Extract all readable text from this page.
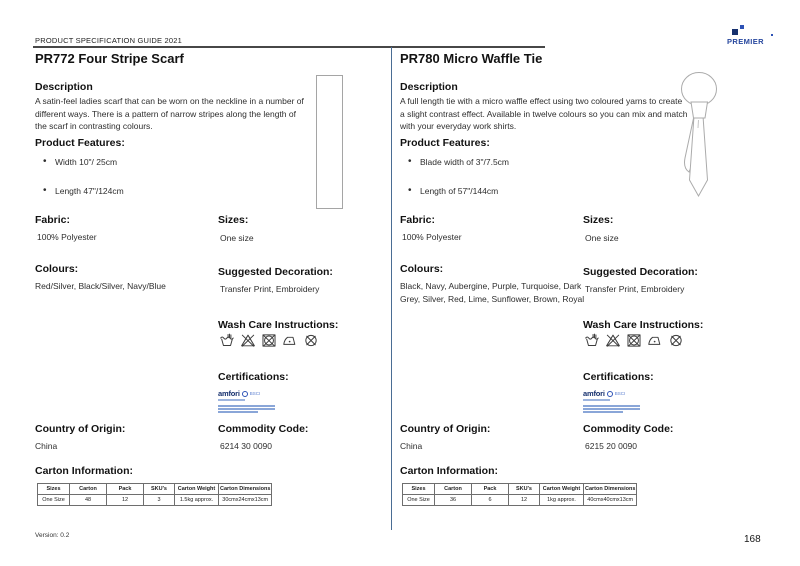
PRODUCT SPECIFICATION GUIDE 2021	PREMIER
PR772 Four Stripe Scarf
Description
A satin-feel ladies scarf that can be worn on the neckline in a number of different ways. There is a pattern of narrow stripes along the length of the scarf in contrasting colours.
Product Features:
• Width 10"/ 25cm
• Length 47"/124cm
Fabric:
100% Polyester
Sizes:
One size
Colours:
Red/Silver, Black/Silver, Navy/Blue
Suggested Decoration:
Transfer Print, Embroidery
Wash Care Instructions:
Certifications:
amfori BSCI
Country of Origin:
China
Commodity Code:
6214 30 0090
Carton Information:
Sizes	Carton	Pack	SKU's	Carton Weight	Carton Dimensions
One Size	48	12	3	1.5kg approx.	30cmx24cmx13cm
PR780 Micro Waffle Tie
Description
A full length tie with a micro waffle effect using two coloured yarns to create a slight contrast effect. Available in twelve colours so you can mix and match with your everyday work shirts.
Product Features:
• Blade width of 3"/7.5cm
• Length of 57"/144cm
Fabric:
100% Polyester
Sizes:
One size
Colours:
Black, Navy, Aubergine, Purple, Turquoise, Dark Grey, Silver, Red, Lime, Sunflower, Brown, Royal
Suggested Decoration:
Transfer Print, Embroidery
Wash Care Instructions:
Certifications:
amfori BSCI
Country of Origin:
China
Commodity Code:
6215 20 0090
Carton Information:
Sizes	Carton	Pack	SKU's	Carton Weight	Carton Dimensions
One Size	36	6	12	1kg approx.	40cmx40cmx13cm
Version: 0.2	168
